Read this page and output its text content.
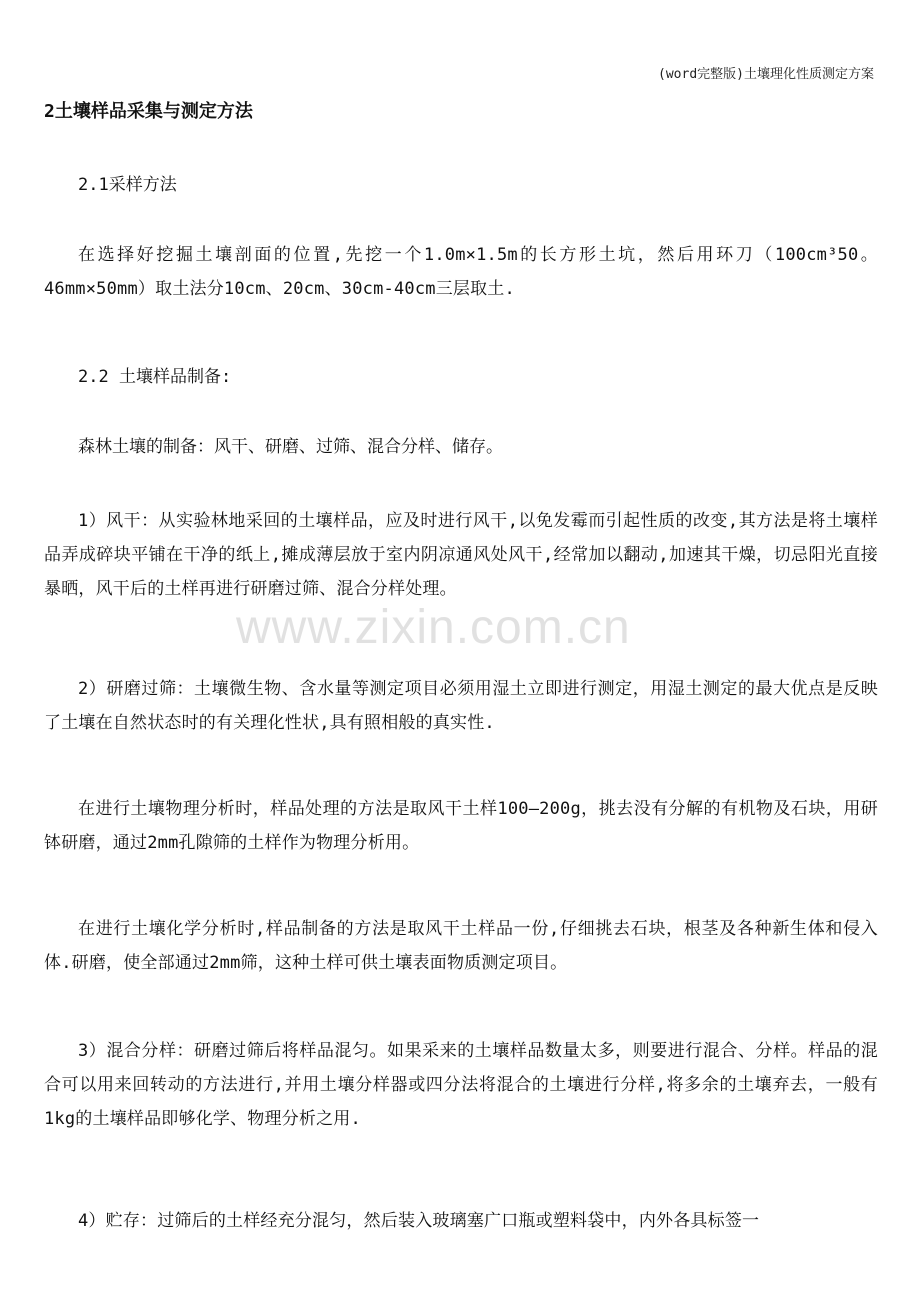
(word完整版)土壤理化性质测定方案
2土壤样品采集与测定方法
2.1采样方法
在选择好挖掘土壤剖面的位置,先挖一个1.0m×1.5m的长方形土坑，然后用环刀（100cm³50。46mm×50mm）取土法分10cm、20cm、30cm-40cm三层取土.
2.2 土壤样品制备:
森林土壤的制备：风干、研磨、过筛、混合分样、储存。
1）风干：从实验林地采回的土壤样品，应及时进行风干,以免发霉而引起性质的改变,其方法是将土壤样品弄成碎块平铺在干净的纸上,摊成薄层放于室内阴凉通风处风干,经常加以翻动,加速其干燥，切忌阳光直接暴晒，风干后的土样再进行研磨过筛、混合分样处理。
2）研磨过筛：土壤微生物、含水量等测定项目必须用湿土立即进行测定，用湿土测定的最大优点是反映了土壤在自然状态时的有关理化性状,具有照相般的真实性.
在进行土壤物理分析时，样品处理的方法是取风干土样100—200g，挑去没有分解的有机物及石块，用研钵研磨，通过2mm孔隙筛的土样作为物理分析用。
在进行土壤化学分析时,样品制备的方法是取风干土样品一份,仔细挑去石块，根茎及各种新生体和侵入体.研磨，使全部通过2mm筛，这种土样可供土壤表面物质测定项目。
3）混合分样：研磨过筛后将样品混匀。如果采来的土壤样品数量太多，则要进行混合、分样。样品的混合可以用来回转动的方法进行,并用土壤分样器或四分法将混合的土壤进行分样,将多余的土壤弃去，一般有1kg的土壤样品即够化学、物理分析之用.
4）贮存：过筛后的土样经充分混匀，然后装入玻璃塞广口瓶或塑料袋中，内外各具标签一
www.zixin.com.cn
